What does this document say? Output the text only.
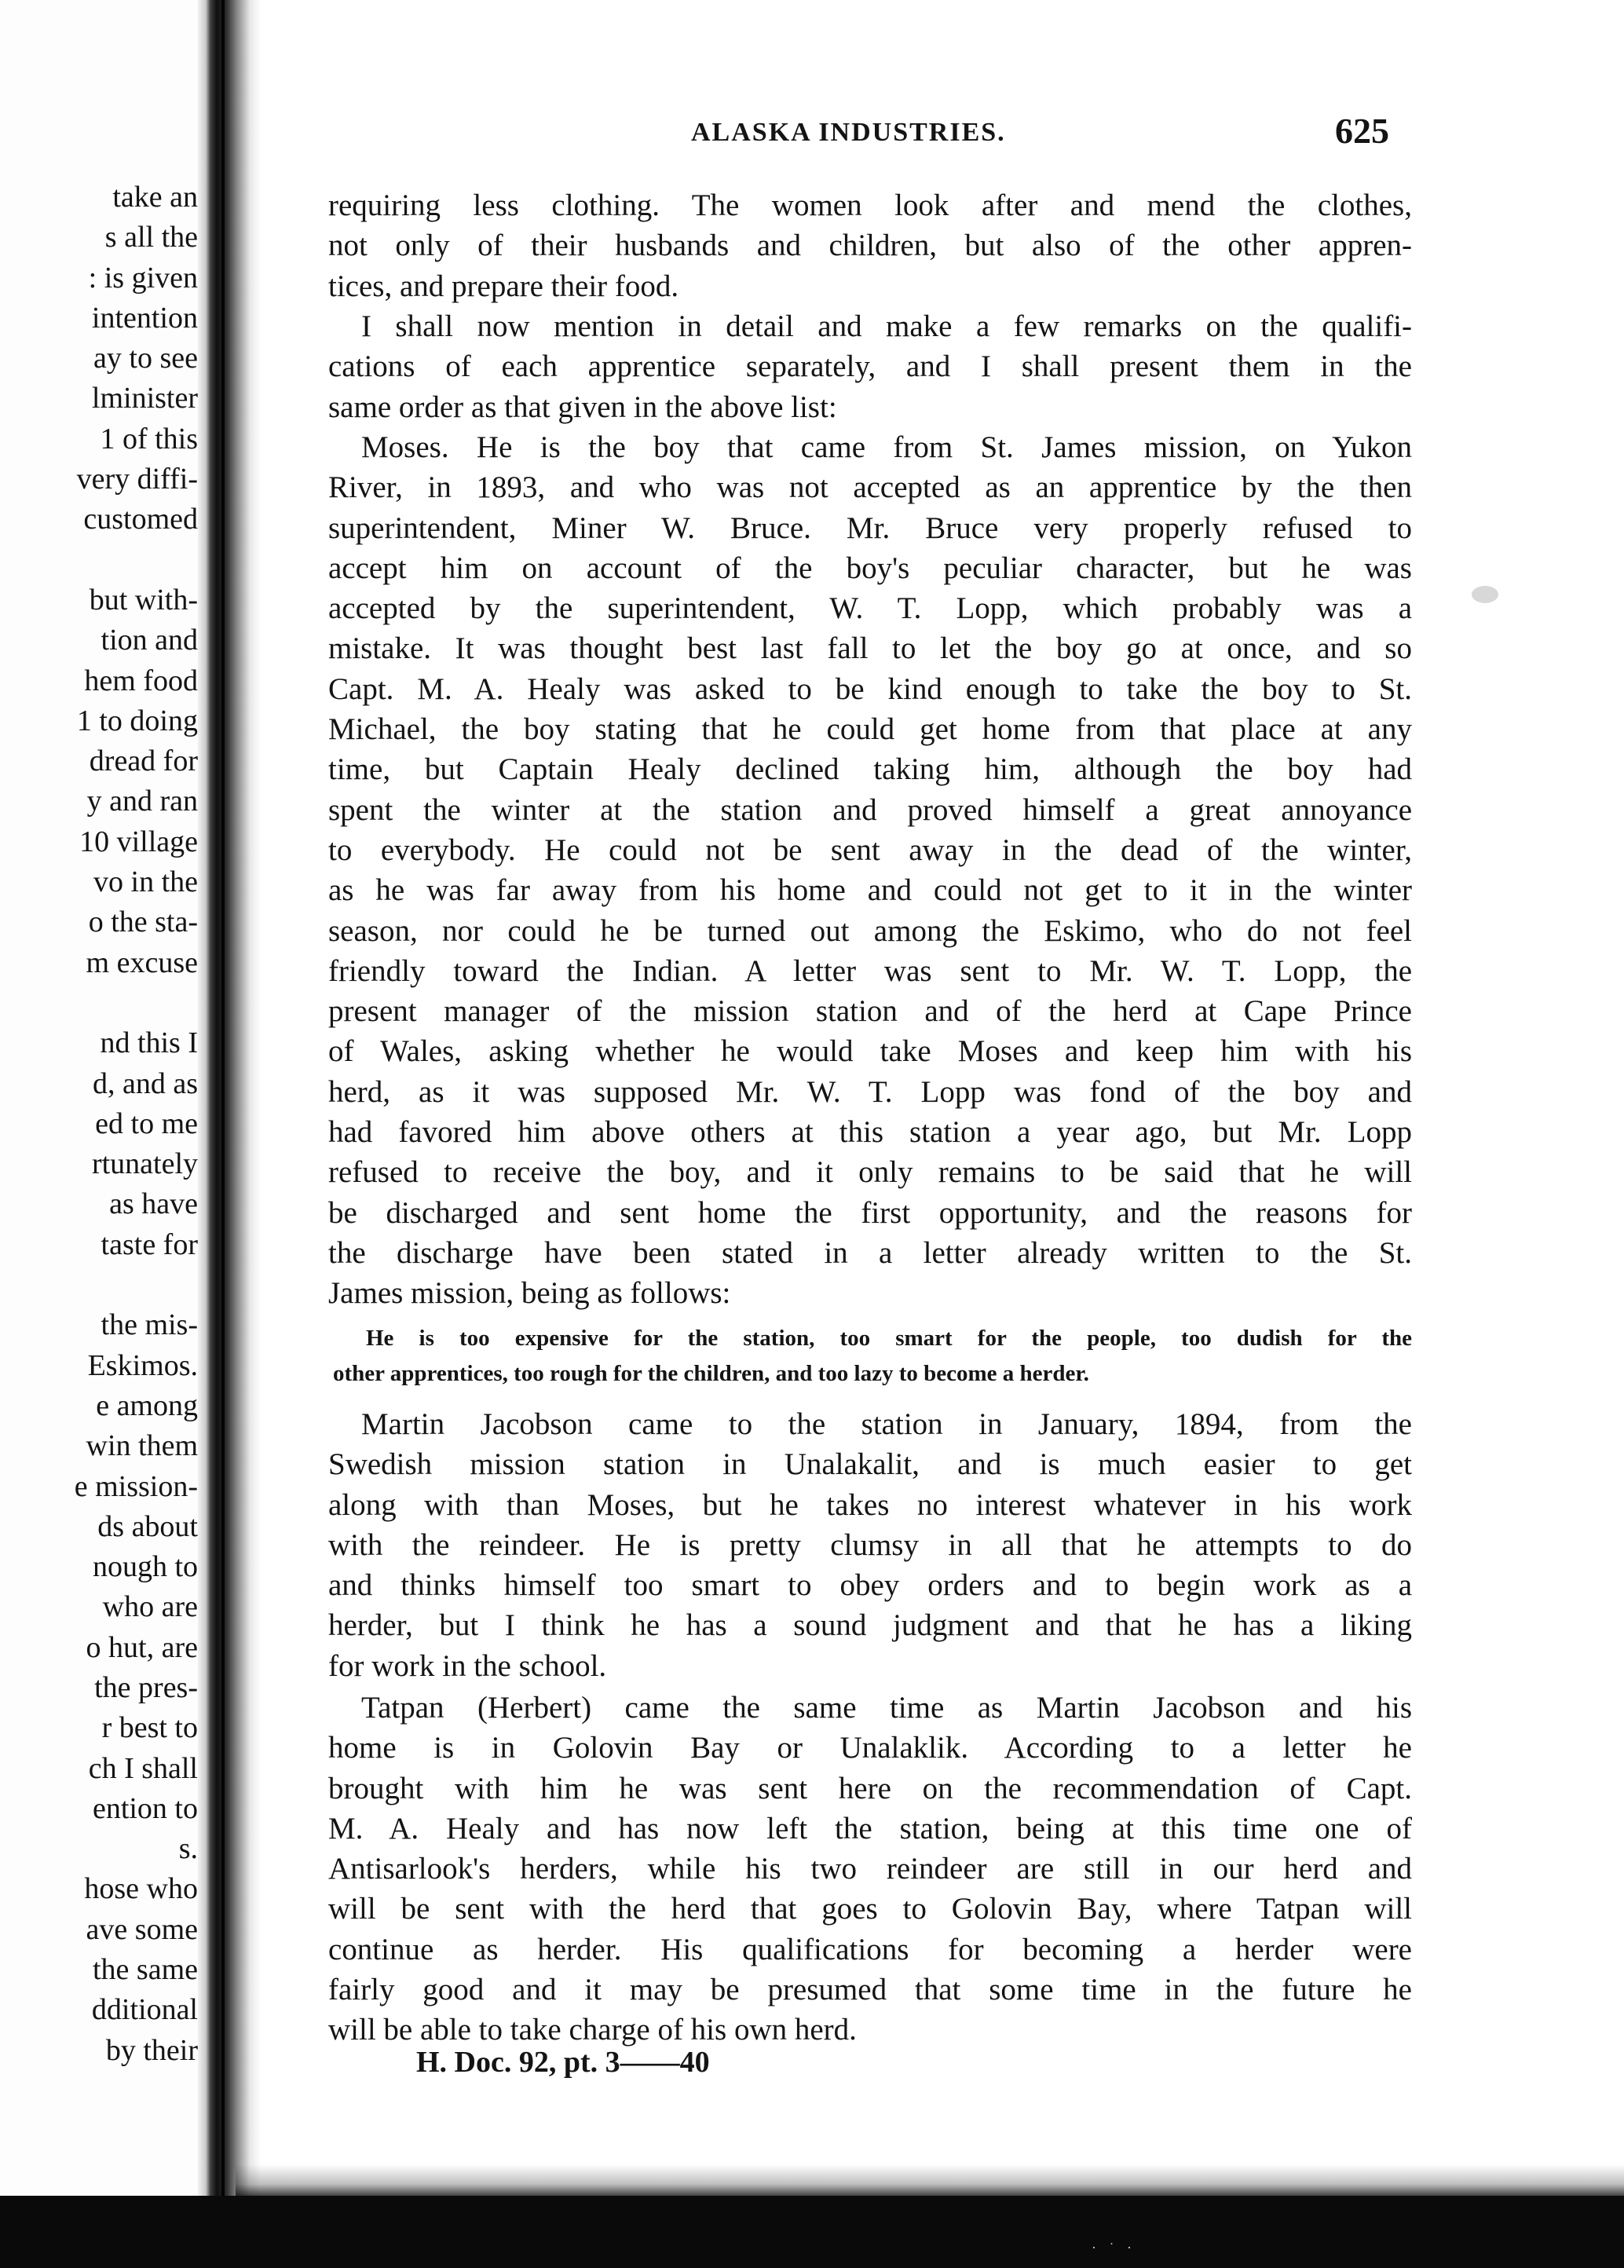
take an
s all the
: is given
intention
ay to see
lminister
1 of this
very diffi-
customed
but with-
tion and
hem food
1 to doing
dread for
y and ran
10 village
vo in the
o the sta-
m excuse
nd this I
d, and as
ed to me
rtunately
as have
taste for
the mis-
Eskimos.
e among
win them
e mission-
ds about
nough to
who are
o hut, are
the pres-
r best to
ch I shall
ention to
s.
hose who
ave some
the same
dditional
by their
ALASKA INDUSTRIES.	625
requiring less clothing. The women look after and mend the clothes,
not only of their husbands and children, but also of the other appren-
tices, and prepare their food.
I shall now mention in detail and make a few remarks on the qualifi-
cations of each apprentice separately, and I shall present them in the
same order as that given in the above list:
Moses. He is the boy that came from St. James mission, on Yukon
River, in 1893, and who was not accepted as an apprentice by the then
superintendent, Miner W. Bruce. Mr. Bruce very properly refused to
accept him on account of the boy's peculiar character, but he was
accepted by the superintendent, W. T. Lopp, which probably was a
mistake. It was thought best last fall to let the boy go at once, and so
Capt. M. A. Healy was asked to be kind enough to take the boy to St.
Michael, the boy stating that he could get home from that place at any
time, but Captain Healy declined taking him, although the boy had
spent the winter at the station and proved himself a great annoyance
to everybody. He could not be sent away in the dead of the winter,
as he was far away from his home and could not get to it in the winter
season, nor could he be turned out among the Eskimo, who do not feel
friendly toward the Indian. A letter was sent to Mr. W. T. Lopp, the
present manager of the mission station and of the herd at Cape Prince
of Wales, asking whether he would take Moses and keep him with his
herd, as it was supposed Mr. W. T. Lopp was fond of the boy and
had favored him above others at this station a year ago, but Mr. Lopp
refused to receive the boy, and it only remains to be said that he will
be discharged and sent home the first opportunity, and the reasons for
the discharge have been stated in a letter already written to the St.
James mission, being as follows:
He is too expensive for the station, too smart for the people, too dudish for the
other apprentices, too rough for the children, and too lazy to become a herder.
Martin Jacobson came to the station in January, 1894, from the
Swedish mission station in Unalakalit, and is much easier to get
along with than Moses, but he takes no interest whatever in his work
with the reindeer. He is pretty clumsy in all that he attempts to do
and thinks himself too smart to obey orders and to begin work as a
herder, but I think he has a sound judgment and that he has a liking
for work in the school.
Tatpan (Herbert) came the same time as Martin Jacobson and his
home is in Golovin Bay or Unalaklik. According to a letter he
brought with him he was sent here on the recommendation of Capt.
M. A. Healy and has now left the station, being at this time one of
Antisarlook's herders, while his two reindeer are still in our herd and
will be sent with the herd that goes to Golovin Bay, where Tatpan will
continue as herder. His qualifications for becoming a herder were
fairly good and it may be presumed that some time in the future he
will be able to take charge of his own herd.
H. Doc. 92, pt. 3——40
· ˙ ·
